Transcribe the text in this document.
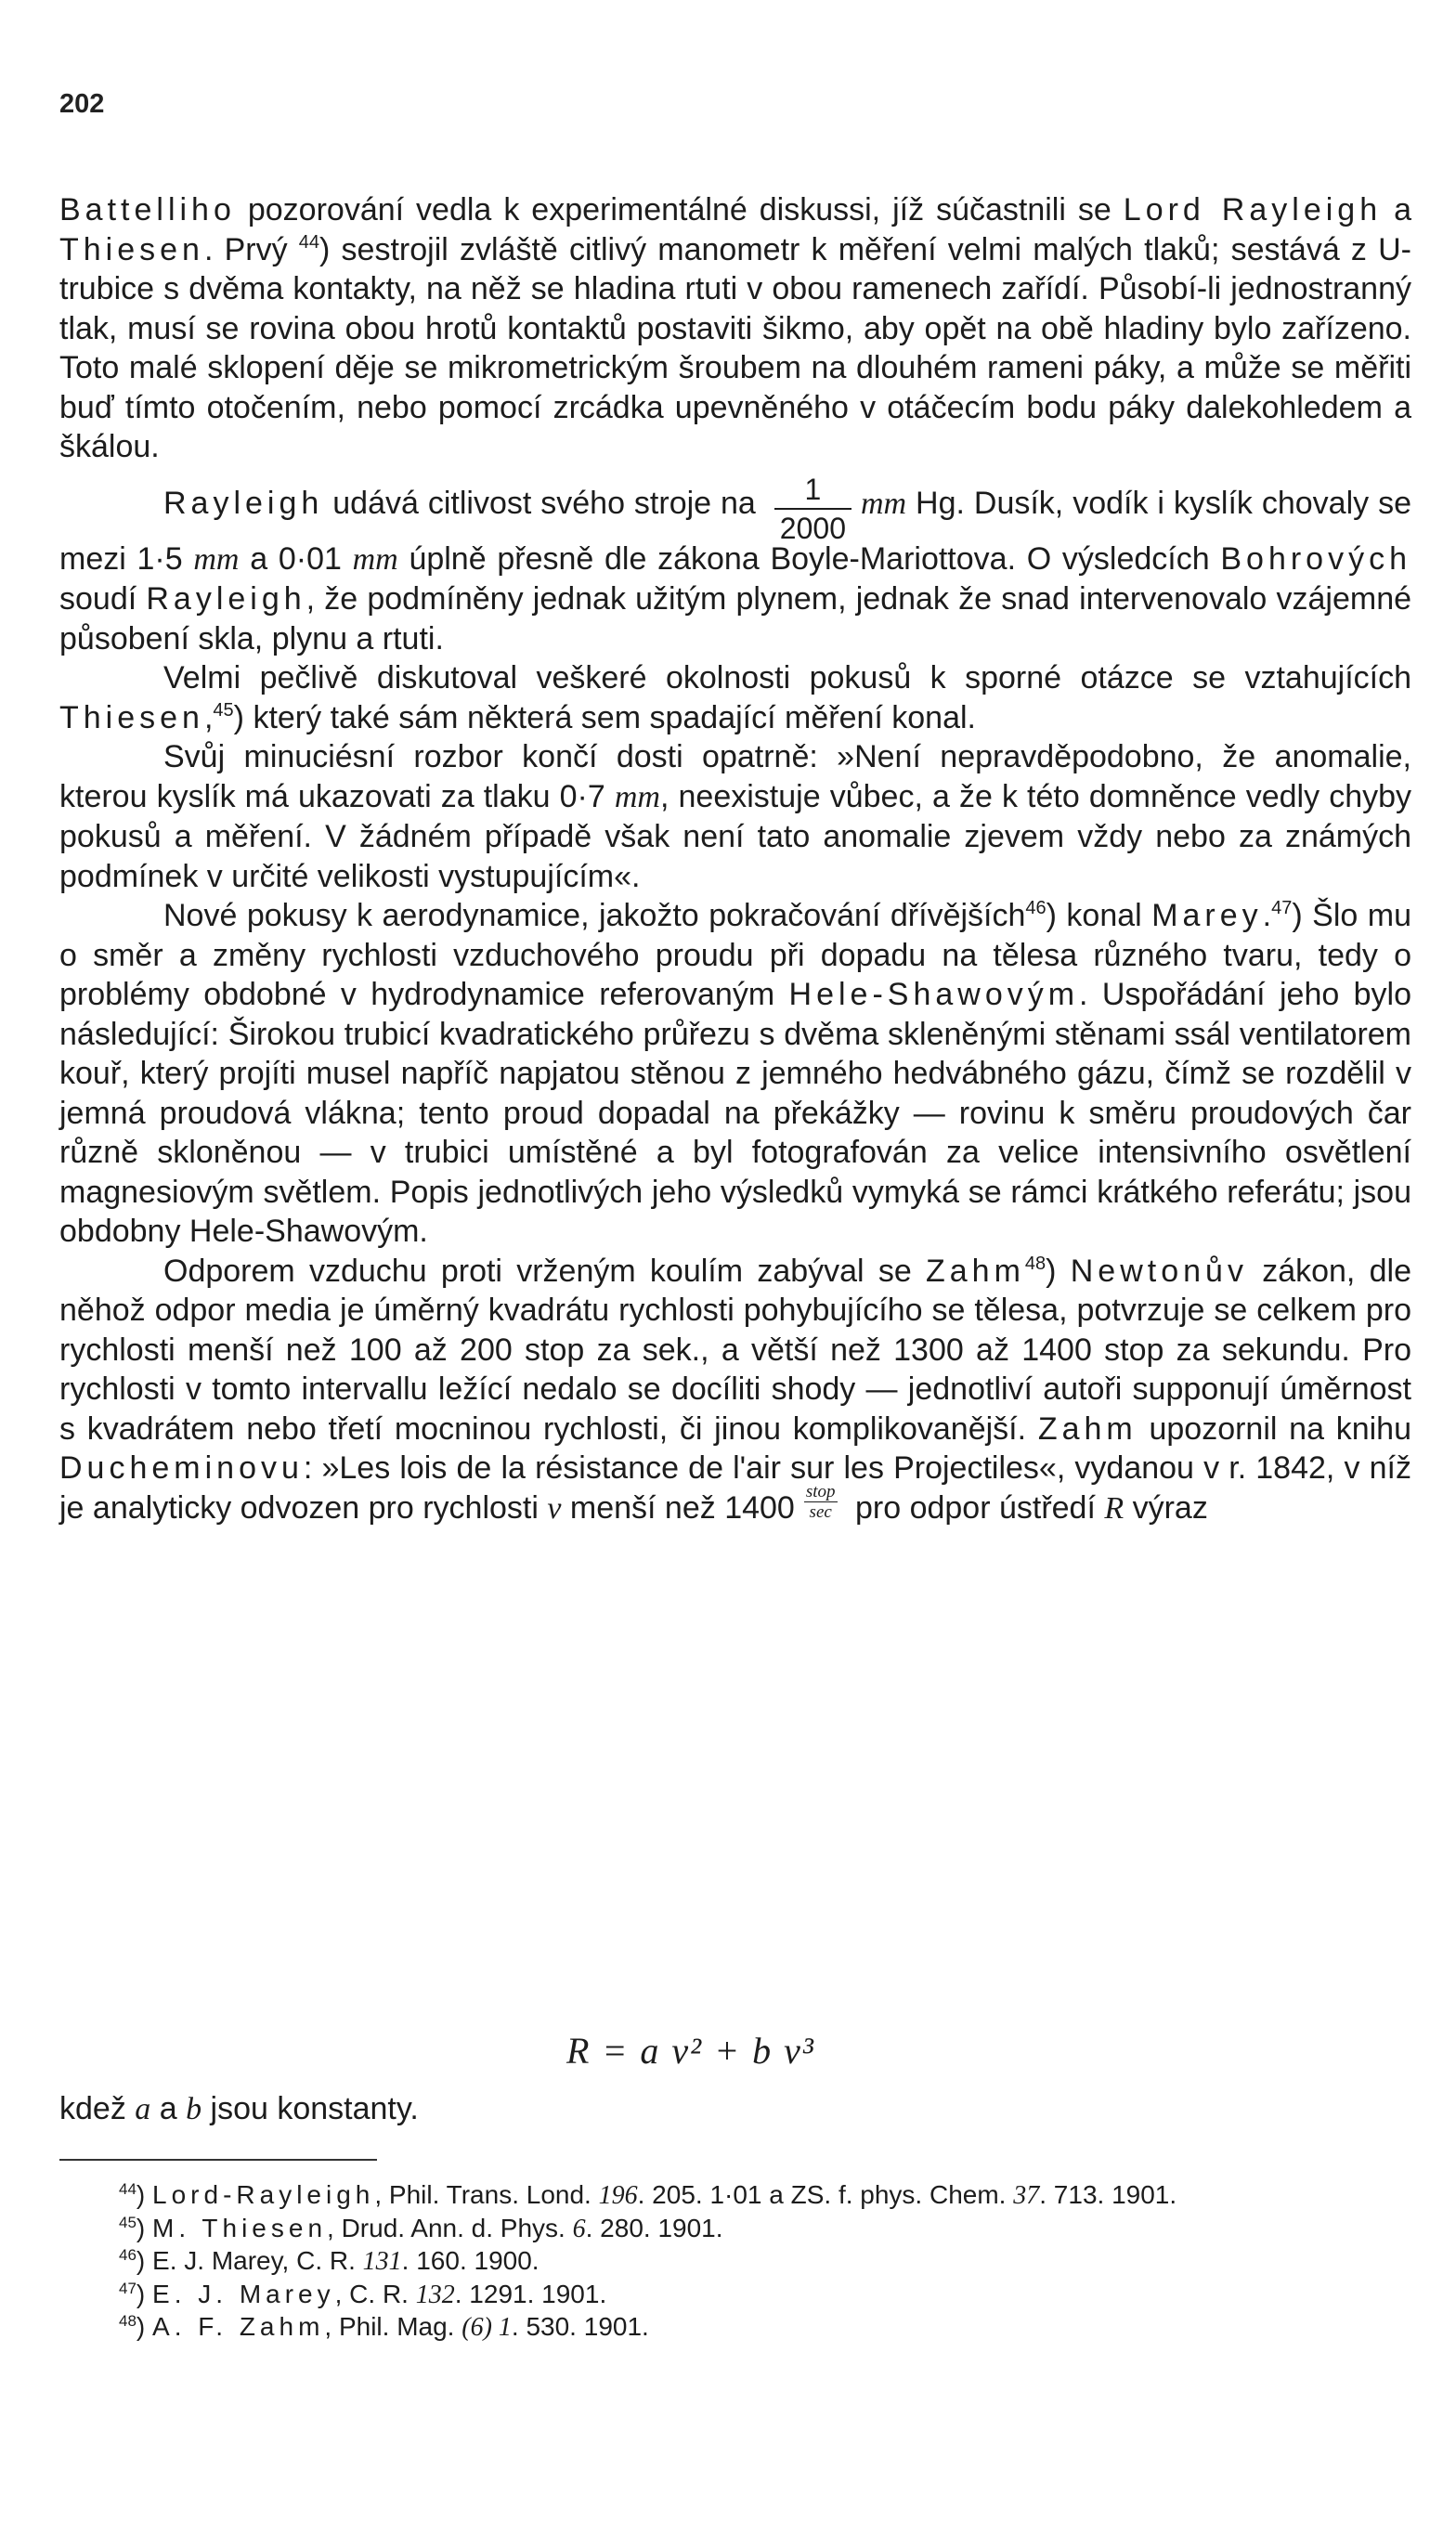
202

Battelliho pozorování vedla k experimentálné diskussi, jíž súčastnili se Lord Rayleigh a Thiesen. Prvý $^{44}$) sestrojil zvláště citlivý manometr k měření velmi malých tlaků; sestává z U-trubice s dvěma kontakty, na něž se hladina rtuti v obou ramenech zařídí. Působí-li jednostranný tlak, musí se rovina obou hrotů kontaktů postaviti šikmo, aby opět na obě hladiny bylo zařízeno. Toto malé sklopení děje se mikrometrickým šroubem na dlouhém rameni páky, a může se měřiti buď tímto otočením, nebo pomocí zrcádka upevněného v otáčecím bodu páky dalekohledem a škálou.

Rayleigh udává citlivost svého stroje na $\frac{1}{2000}$ mm Hg. Dusík, vodík i kyslík chovaly se mezi 1·5 mm a 0·01 mm úplně přesně dle zákona Boyle-Mariottova. O výsledcích Bohrových soudí Rayleigh, že podmíněny jednak užitým plynem, jednak že snad intervenovalo vzájemné působení skla, plynu a rtuti.

Velmi pečlivě diskutoval veškeré okolnosti pokusů k sporné otázce se vztahujících Thiesen,$^{45}$) který také sám některá sem spadající měření konal.

Svůj minuciésní rozbor končí dosti opatrně: »Není nepravděpodobno, že anomalie, kterou kyslík má ukazovati za tlaku 0·7 mm, neexistuje vůbec, a že k této domněnce vedly chyby pokusů a měření. V žádném případě však není tato anomalie zjevem vždy nebo za známých podmínek v určité velikosti vystupujícím«.

Nové pokusy k aerodynamice, jakožto pokračování dřívějších$^{46}$) konal Marey.$^{47}$) Šlo mu o směr a změny rychlosti vzduchového proudu při dopadu na tělesa různého tvaru, tedy o problémy obdobné v hydrodynamice referovaným Hele-Shawovým. Uspořádání jeho bylo následující: Širokou trubicí kvadratického průřezu s dvěma skleněnými stěnami ssál ventilatorem kouř, který projíti musel napříč napjatou stěnou z jemného hedvábného gázu, čímž se rozdělil v jemná proudová vlákna; tento proud dopadal na překážky — rovinu k směru proudových čar různě skloněnou — v trubici umístěné a byl fotografován za velice intensivního osvětlení magnesiovým světlem. Popis jednotlivých jeho výsledků vymyká se rámci krátkého referátu; jsou obdobny Hele-Shawovým.

Odporem vzduchu proti vrženým koulím zabýval se Zahm$^{48}$) Newtonův zákon, dle něhož odpor media je úměrný kvadrátu rychlosti pohybujícího se tělesa, potvrzuje se celkem pro rychlosti menší než 100 až 200 stop za sek., a větší než 1300 až 1400 stop za sekundu. Pro rychlosti v tomto intervallu ležící nedalo se docíliti shody — jednotliví autoři supponují úměrnost s kvadrátem nebo třetí mocninou rychlosti, či jinou komplikovanější. Zahm upozornil na knihu Ducheminovu: »Les lois de la résistance de l'air sur les Projectiles«, vydanou v r. 1842, v níž je analyticky odvozen pro rychlosti v menší než $1400 \frac{\text{stop}}{\sec}$ pro odpor ústředí R výraz

R = a v² + b v³
kdež a a b jsou konstanty.
$^{44}$) Lord-Rayleigh, Phil. Trans. Lond. 196. 205. 1·01 a ZS. f. phys. Chem. 37. 713. 1901.
$^{45}$) M. Thiesen, Drud. Ann. d. Phys. 6. 280. 1901.
$^{46}$) E. J. Marey, C. R. 131. 160. 1900.
$^{47}$) E. J. Marey, C. R. 132. 1291. 1901.
$^{48}$) A. F. Zahm, Phil. Mag. (6) 1. 530. 1901.
